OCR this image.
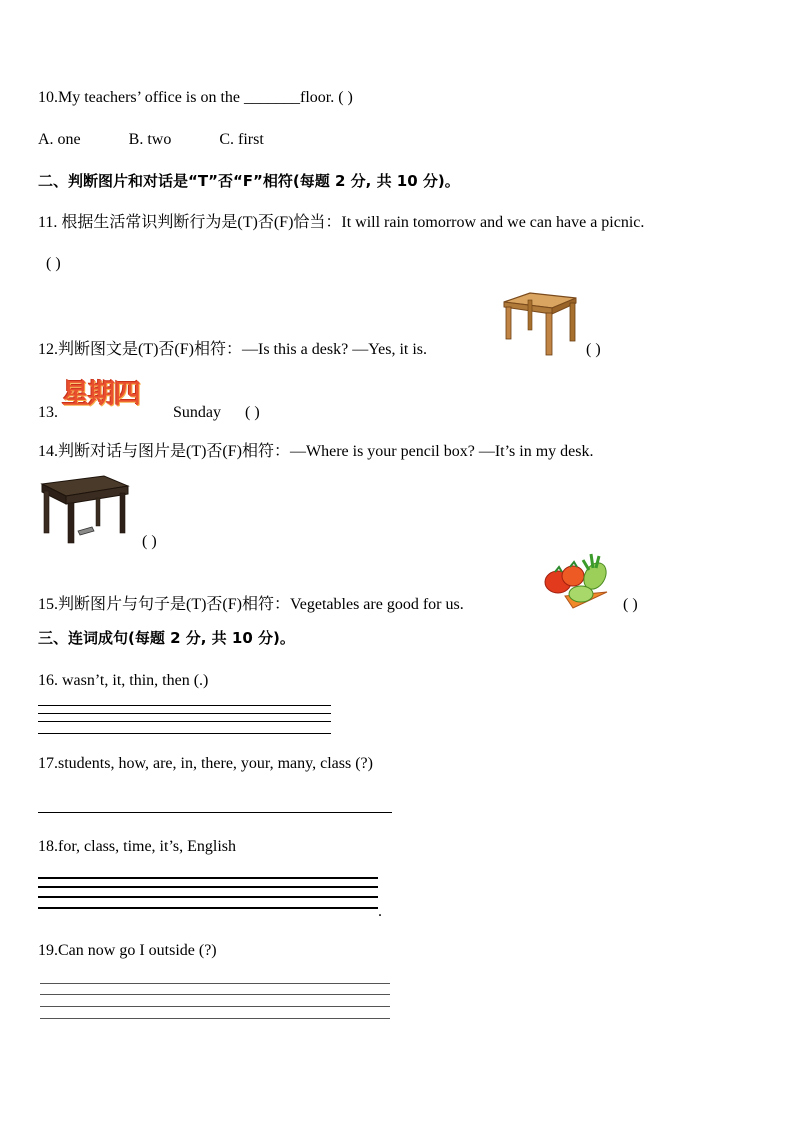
10.My teachers’ office is on the _______floor. ( )
A. one	B. two	C. first
二、判断图片和对话是“T”否“F”相符(每题 2 分, 共 10 分)。
11. 根据生活常识判断行为是(T)否(F)恰当：It will rain tomorrow and we can have a picnic.
( )
12.判断图文是(T)否(F)相符：—Is this a desk? —Yes, it is.	( )
13.
星期四
Sunday ( )
14.判断对话与图片是(T)否(F)相符：—Where is your pencil box? —It’s in my desk.
( )
15.判断图片与句子是(T)否(F)相符：Vegetables are good for us.	( )
三、连词成句(每题 2 分, 共 10 分)。
16. wasn’t, it, thin, then (.)
17.students, how, are, in, there, your, many, class (?)
18.for, class, time, it’s, English
.
19.Can now go I outside (?)
